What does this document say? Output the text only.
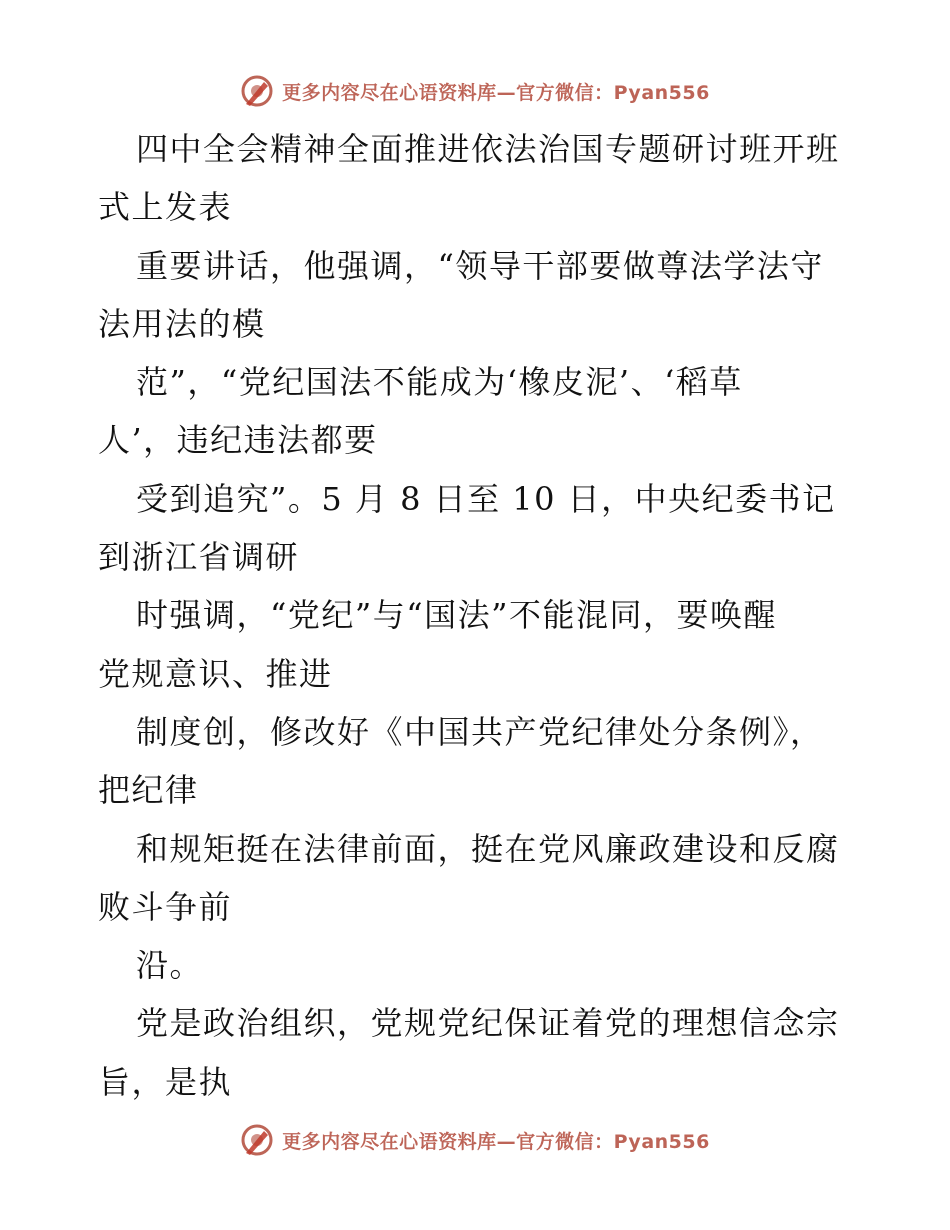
更多内容尽在心语资料库—官方微信：Pyan556
四中全会精神全面推进依法治国专题研讨班开班
式上发表
重要讲话，他强调，“领导干部要做尊法学法守
法用法的模
范”，“党纪国法不能成为‘橡皮泥’、‘稻草
人’，违纪违法都要
受到追究”。5 月 8 日至 10 日，中央纪委书记
到浙江省调研
时强调，“党纪”与“国法”不能混同，要唤醒
党规意识、推进
制度创，修改好《中国共产党纪律处分条例》，
把纪律
和规矩挺在法律前面，挺在党风廉政建设和反腐
败斗争前
沿。
党是政治组织，党规党纪保证着党的理想信念宗
旨，是执
更多内容尽在心语资料库—官方微信：Pyan556
